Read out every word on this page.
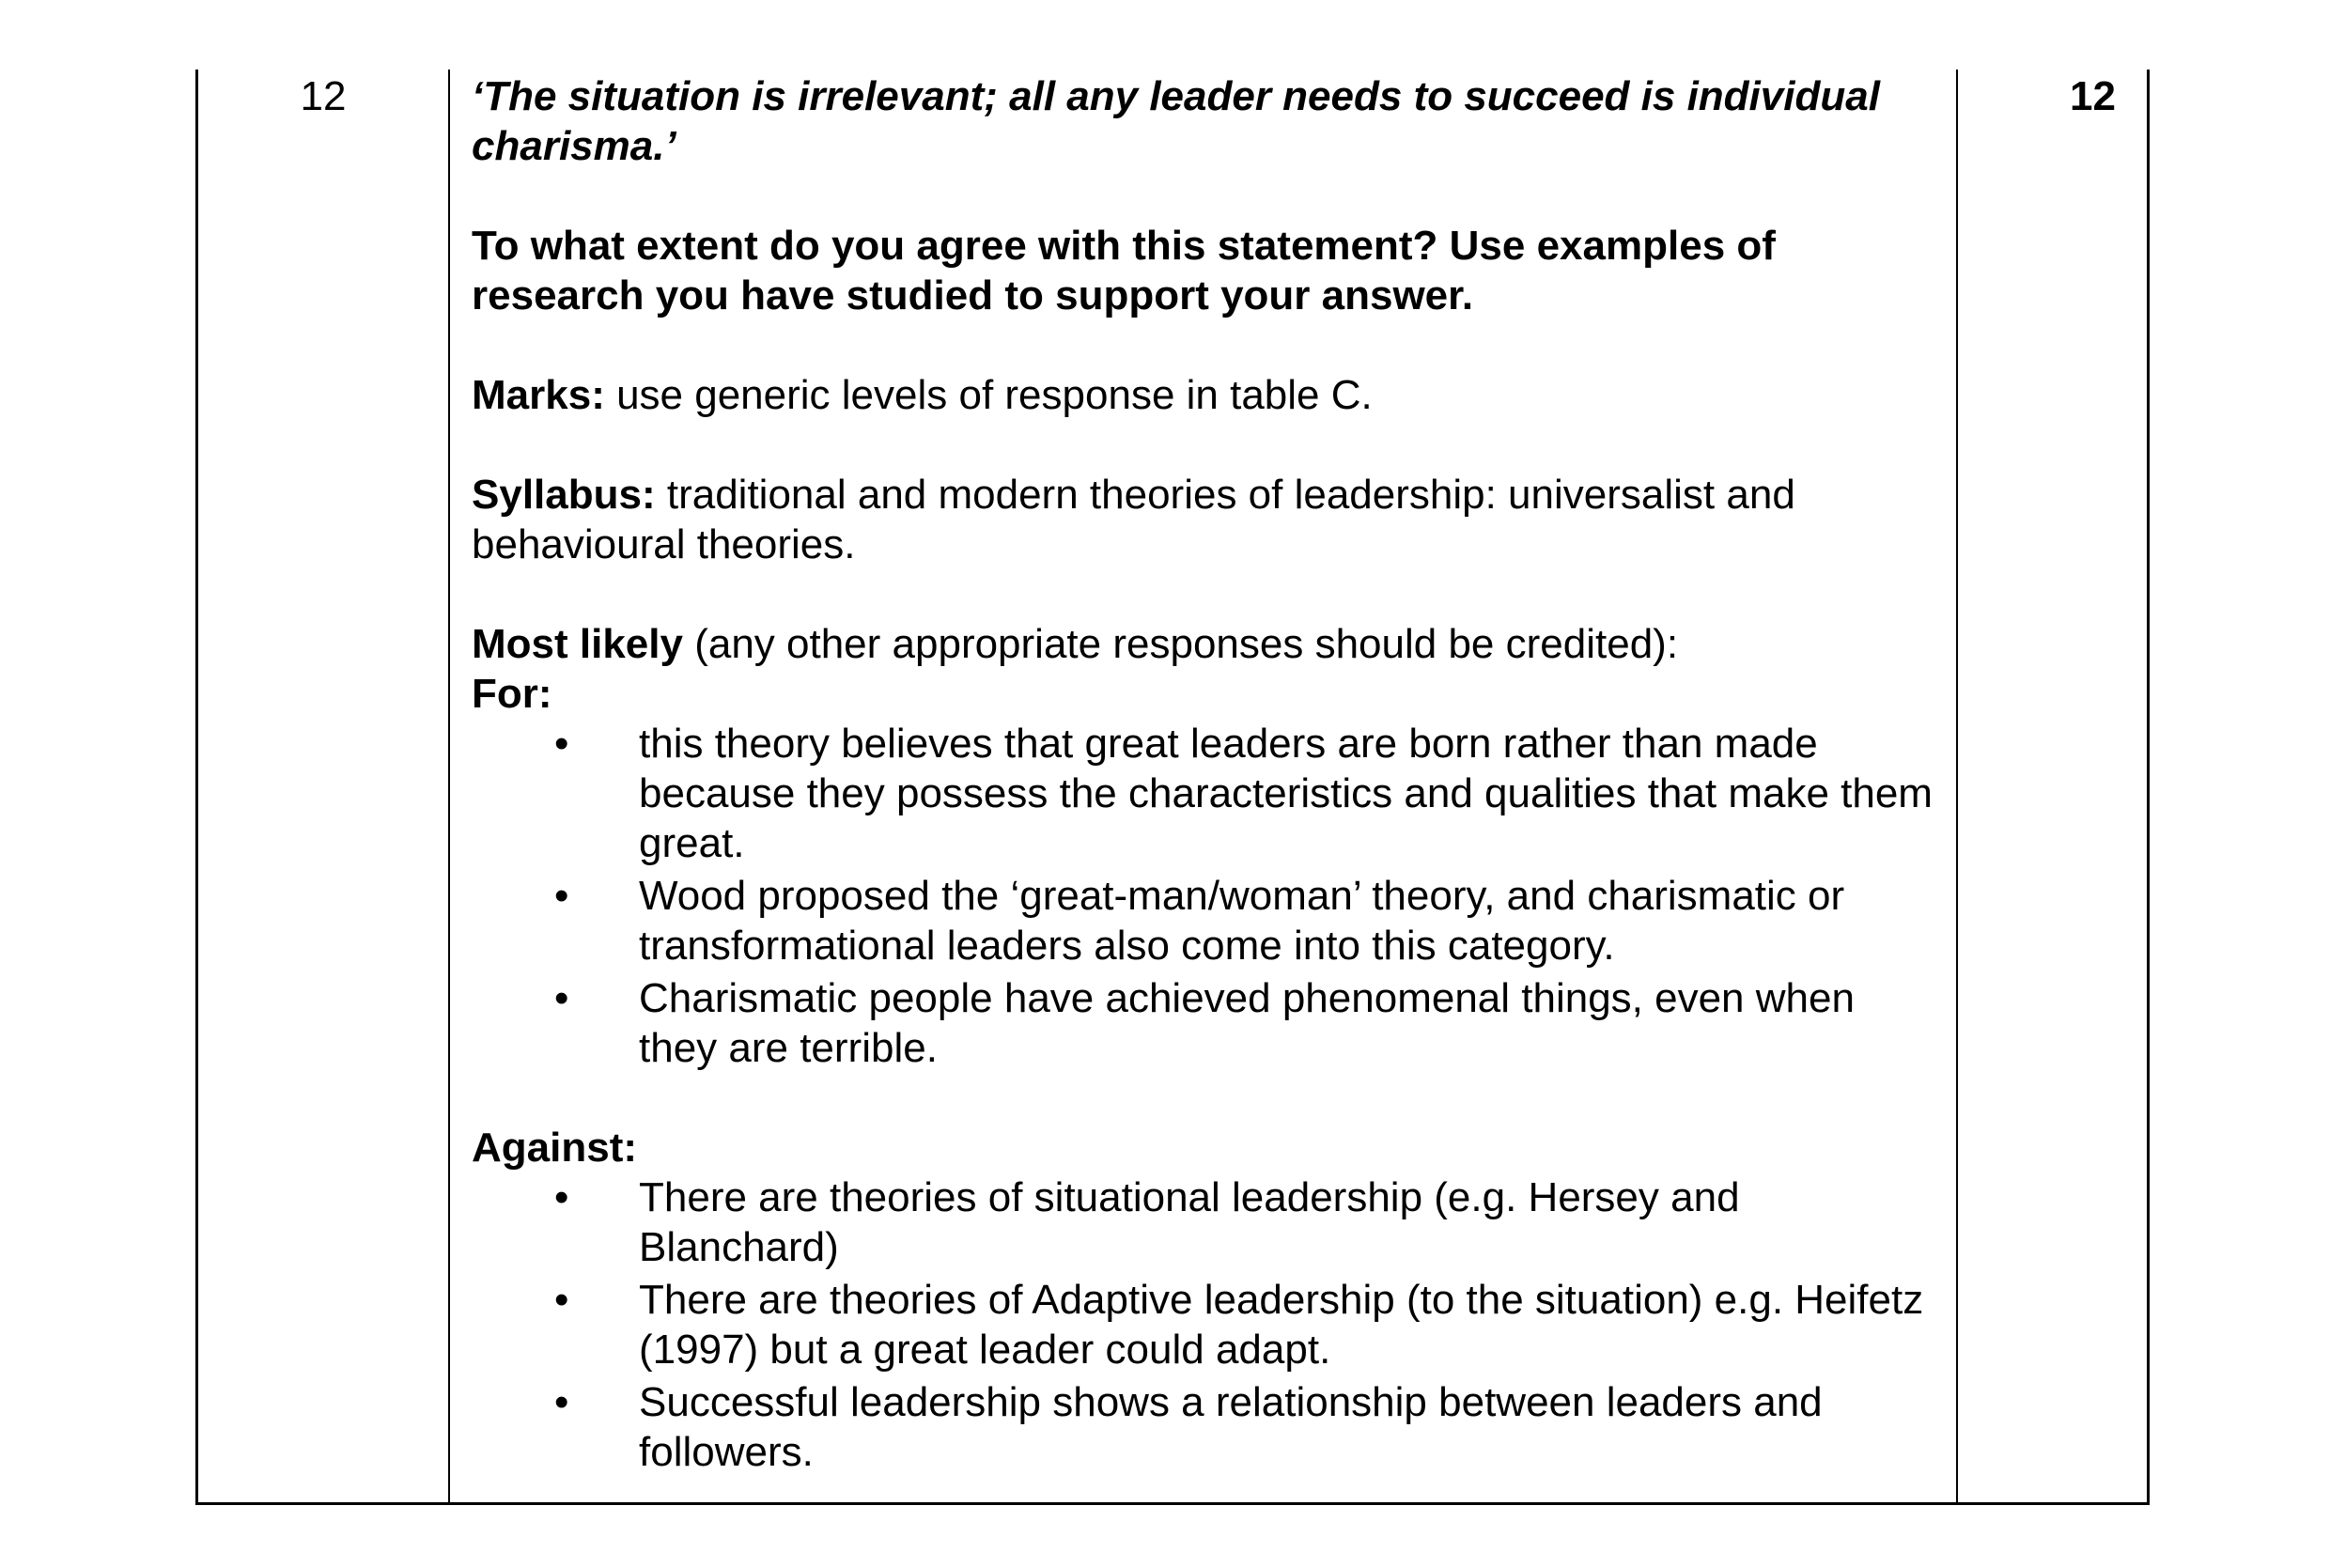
12	‘The situation is irrelevant; all any leader needs to succeed is individual charisma.’

To what extent do you agree with this statement? Use examples of research you have studied to support your answer.

Marks: use generic levels of response in table C.

Syllabus: traditional and modern theories of leadership: universalist and behavioural theories.

Most likely (any other appropriate responses should be credited):

For:

• this theory believes that great leaders are born rather than made because they possess the characteristics and qualities that make them great.
• Wood proposed the ‘great-man/woman’ theory, and charismatic or transformational leaders also come into this category.
• Charismatic people have achieved phenomenal things, even when they are terrible.

Against:

• There are theories of situational leadership (e.g. Hersey and Blanchard)
• There are theories of Adaptive leadership (to the situation) e.g. Heifetz (1997) but a great leader could adapt.
• Successful leadership shows a relationship between leaders and followers.
12
